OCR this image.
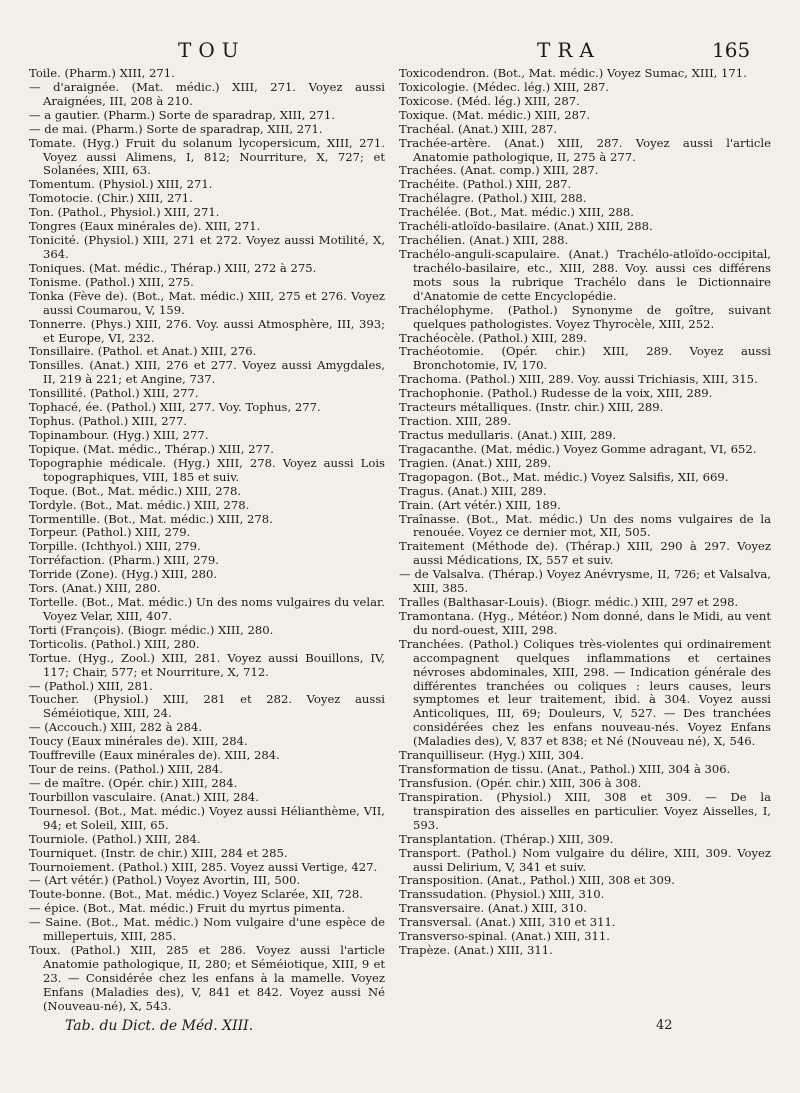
TOU	TRA	165
Toile. (Pharm.) XIII, 271.
— d'araignée. (Mat. médic.) XIII, 271. Voyez aussi Araignées, III, 208 à 210.
— a gautier. (Pharm.) Sorte de sparadrap, XIII, 271.
— de mai. (Pharm.) Sorte de sparadrap, XIII, 271.
Tomate. (Hyg.) Fruit du solanum lycopersicum, XIII, 271. Voyez aussi Alimens, I, 812; Nourriture, X, 727; et Solanées, XIII, 63.
Tomentum. (Physiol.) XIII, 271.
Tomotocie. (Chir.) XIII, 271.
Ton. (Pathol., Physiol.) XIII, 271.
Tongres (Eaux minérales de). XIII, 271.
Tonicité. (Physiol.) XIII, 271 et 272. Voyez aussi Motilité, X, 364.
Toniques. (Mat. médic., Thérap.) XIII, 272 à 275.
Tonisme. (Pathol.) XIII, 275.
Tonka (Fève de). (Bot., Mat. médic.) XIII, 275 et 276. Voyez aussi Coumarou, V, 159.
Tonnerre. (Phys.) XIII, 276. Voy. aussi Atmosphère, III, 393; et Europe, VI, 232.
Tonsillaire. (Pathol. et Anat.) XIII, 276.
Tonsilles. (Anat.) XIII, 276 et 277. Voyez aussi Amygdales, II, 219 à 221; et Angine, 737.
Tonsillité. (Pathol.) XIII, 277.
Tophacé, ée. (Pathol.) XIII, 277. Voy. Tophus, 277.
Tophus. (Pathol.) XIII, 277.
Topinambour. (Hyg.) XIII, 277.
Topique. (Mat. médic., Thérap.) XIII, 277.
Topographie médicale. (Hyg.) XIII, 278. Voyez aussi Lois topographiques, VIII, 185 et suiv.
Toque. (Bot., Mat. médic.) XIII, 278.
Tordyle. (Bot., Mat. médic.) XIII, 278.
Tormentille. (Bot., Mat. médic.) XIII, 278.
Torpeur. (Pathol.) XIII, 279.
Torpille. (Ichthyol.) XIII, 279.
Torréfaction. (Pharm.) XIII, 279.
Torride (Zone). (Hyg.) XIII, 280.
Tors. (Anat.) XIII, 280.
Tortelle. (Bot., Mat. médic.) Un des noms vulgaires du velar. Voyez Velar, XIII, 407.
Torti (François). (Biogr. médic.) XIII, 280.
Torticolis. (Pathol.) XIII, 280.
Tortue. (Hyg., Zool.) XIII, 281. Voyez aussi Bouillons, IV, 117; Chair, 577; et Nourriture, X, 712.
— (Pathol.) XIII, 281.
Toucher. (Physiol.) XIII, 281 et 282. Voyez aussi Séméiotique, XIII, 24.
— (Accouch.) XIII, 282 à 284.
Toucy (Eaux minérales de). XIII, 284.
Touffreville (Eaux minérales de). XIII, 284.
Tour de reins. (Pathol.) XIII, 284.
— de maître. (Opér. chir.) XIII, 284.
Tourbillon vasculaire. (Anat.) XIII, 284.
Tournesol. (Bot., Mat. médic.) Voyez aussi Hélianthème, VII, 94; et Soleil, XIII, 65.
Tourniole. (Pathol.) XIII, 284.
Tourniquet. (Instr. de chir.) XIII, 284 et 285.
Tournoiement. (Pathol.) XIII, 285. Voyez aussi Vertige, 427.
— (Art vétér.) (Pathol.) Voyez Avortin, III, 500.
Toute-bonne. (Bot., Mat. médic.) Voyez Sclarée, XII, 728.
— épice. (Bot., Mat. médic.) Fruit du myrtus pimenta.
— Saine. (Bot., Mat. médic.) Nom vulgaire d'une espèce de millepertuis, XIII, 285.
Toux. (Pathol.) XIII, 285 et 286. Voyez aussi l'article Anatomie pathologique, II, 280; et Séméiotique, XIII, 9 et 23. — Considérée chez les enfans à la mamelle. Voyez Enfans (Maladies des), V, 841 et 842. Voyez aussi Né (Nouveau-né), X, 543.
Toxicodendron. (Bot., Mat. médic.) Voyez Sumac, XIII, 171.
Toxicologie. (Médec. lég.) XIII, 287.
Toxicose. (Méd. lég.) XIII, 287.
Toxique. (Mat. médic.) XIII, 287.
Trachéal. (Anat.) XIII, 287.
Trachée-artère. (Anat.) XIII, 287. Voyez aussi l'article Anatomie pathologique, II, 275 à 277.
Trachées. (Anat. comp.) XIII, 287.
Trachéite. (Pathol.) XIII, 287.
Trachélagre. (Pathol.) XIII, 288.
Trachélée. (Bot., Mat. médic.) XIII, 288.
Trachéli-atloïdo-basilaire. (Anat.) XIII, 288.
Trachélien. (Anat.) XIII, 288.
Trachélo-anguli-scapulaire. (Anat.) Trachélo-atloïdo-occipital, trachélo-basilaire, etc., XIII, 288. Voy. aussi ces différens mots sous la rubrique Trachélo dans le Dictionnaire d'Anatomie de cette Encyclopédie.
Trachélophyme. (Pathol.) Synonyme de goître, suivant quelques pathologistes. Voyez Thyrocèle, XIII, 252.
Trachéocèle. (Pathol.) XIII, 289.
Trachéotomie. (Opér. chir.) XIII, 289. Voyez aussi Bronchotomie, IV, 170.
Trachoma. (Pathol.) XIII, 289. Voy. aussi Trichiasis, XIII, 315.
Trachophonie. (Pathol.) Rudesse de la voix, XIII, 289.
Tracteurs métalliques. (Instr. chir.) XIII, 289.
Traction. XIII, 289.
Tractus medullaris. (Anat.) XIII, 289.
Tragacanthe. (Mat. médic.) Voyez Gomme adragant, VI, 652.
Tragien. (Anat.) XIII, 289.
Tragopagon. (Bot., Mat. médic.) Voyez Salsifis, XII, 669.
Tragus. (Anat.) XIII, 289.
Train. (Art vétér.) XIII, 189.
Traînasse. (Bot., Mat. médic.) Un des noms vulgaires de la renouée. Voyez ce dernier mot, XII, 505.
Traitement (Méthode de). (Thérap.) XIII, 290 à 297. Voyez aussi Médications, IX, 557 et suiv.
— de Valsalva. (Thérap.) Voyez Anévrysme, II, 726; et Valsalva, XIII, 385.
Tralles (Balthasar-Louis). (Biogr. médic.) XIII, 297 et 298.
Tramontana. (Hyg., Météor.) Nom donné, dans le Midi, au vent du nord-ouest, XIII, 298.
Tranchées. (Pathol.) Coliques très-violentes qui ordinairement accompagnent quelques inflammations et certaines névroses abdominales, XIII, 298. — Indication générale des différentes tranchées ou coliques : leurs causes, leurs symptomes et leur traitement, ibid. à 304. Voyez aussi Anticoliques, III, 69; Douleurs, V, 527. — Des tranchées considérées chez les enfans nouveau-nés. Voyez Enfans (Maladies des), V, 837 et 838; et Né (Nouveau né), X, 546.
Tranquilliseur. (Hyg.) XIII, 304.
Transformation de tissu. (Anat., Pathol.) XIII, 304 à 306.
Transfusion. (Opér. chir.) XIII, 306 à 308.
Transpiration. (Physiol.) XIII, 308 et 309. — De la transpiration des aisselles en particulier. Voyez Aisselles, I, 593.
Transplantation. (Thérap.) XIII, 309.
Transport. (Pathol.) Nom vulgaire du délire, XIII, 309. Voyez aussi Delirium, V, 341 et suiv.
Transposition. (Anat., Pathol.) XIII, 308 et 309.
Transsudation. (Physiol.) XIII, 310.
Transversaire. (Anat.) XIII, 310.
Transversal. (Anat.) XIII, 310 et 311.
Transverso-spinal. (Anat.) XIII, 311.
Trapèze. (Anat.) XIII, 311.
Tab. du Dict. de Méd. XIII.	42
